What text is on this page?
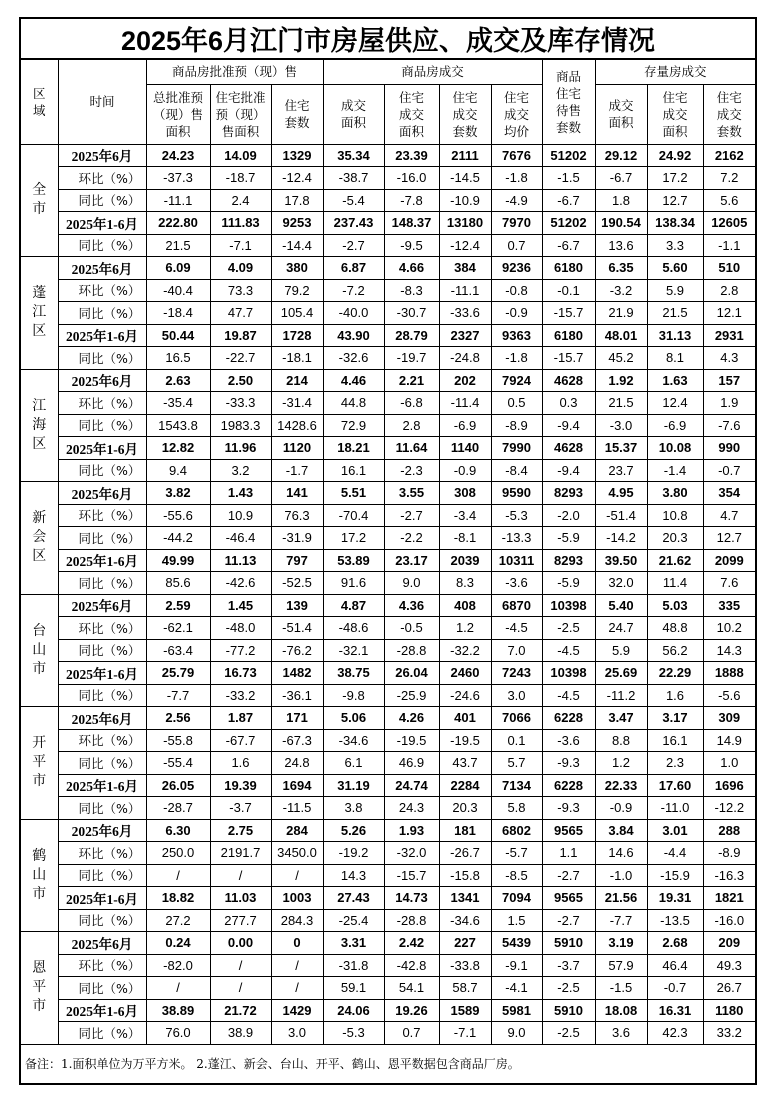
2025年6月江门市房屋供应、成交及库存情况												
区域	时间	商品房批准预（现）售			商品房成交				商品住宅待售套数	存量房成交		
		总批准预（现）售面积	住宅批准预（现）售面积	住宅套数	成交面积	住宅成交面积	住宅成交套数	住宅成交均价		成交面积	住宅成交面积	住宅成交套数
全市	2025年6月	24.23	14.09	1329	35.34	23.39	2111	7676	51202	29.12	24.92	2162
	环比（%）	-37.3	-18.7	-12.4	-38.7	-16.0	-14.5	-1.8	-1.5	-6.7	17.2	7.2
	同比（%）	-11.1	2.4	17.8	-5.4	-7.8	-10.9	-4.9	-6.7	1.8	12.7	5.6
	2025年1-6月	222.80	111.83	9253	237.43	148.37	13180	7970	51202	190.54	138.34	12605
	同比（%）	21.5	-7.1	-14.4	-2.7	-9.5	-12.4	0.7	-6.7	13.6	3.3	-1.1
蓬江区	2025年6月	6.09	4.09	380	6.87	4.66	384	9236	6180	6.35	5.60	510
	环比（%）	-40.4	73.3	79.2	-7.2	-8.3	-11.1	-0.8	-0.1	-3.2	5.9	2.8
	同比（%）	-18.4	47.7	105.4	-40.0	-30.7	-33.6	-0.9	-15.7	21.9	21.5	12.1
	2025年1-6月	50.44	19.87	1728	43.90	28.79	2327	9363	6180	48.01	31.13	2931
	同比（%）	16.5	-22.7	-18.1	-32.6	-19.7	-24.8	-1.8	-15.7	45.2	8.1	4.3
江海区	2025年6月	2.63	2.50	214	4.46	2.21	202	7924	4628	1.92	1.63	157
	环比（%）	-35.4	-33.3	-31.4	44.8	-6.8	-11.4	0.5	0.3	21.5	12.4	1.9
	同比（%）	1543.8	1983.3	1428.6	72.9	2.8	-6.9	-8.9	-9.4	-3.0	-6.9	-7.6
	2025年1-6月	12.82	11.96	1120	18.21	11.64	1140	7990	4628	15.37	10.08	990
	同比（%）	9.4	3.2	-1.7	16.1	-2.3	-0.9	-8.4	-9.4	23.7	-1.4	-0.7
新会区	2025年6月	3.82	1.43	141	5.51	3.55	308	9590	8293	4.95	3.80	354
	环比（%）	-55.6	10.9	76.3	-70.4	-2.7	-3.4	-5.3	-2.0	-51.4	10.8	4.7
	同比（%）	-44.2	-46.4	-31.9	17.2	-2.2	-8.1	-13.3	-5.9	-14.2	20.3	12.7
	2025年1-6月	49.99	11.13	797	53.89	23.17	2039	10311	8293	39.50	21.62	2099
	同比（%）	85.6	-42.6	-52.5	91.6	9.0	8.3	-3.6	-5.9	32.0	11.4	7.6
台山市	2025年6月	2.59	1.45	139	4.87	4.36	408	6870	10398	5.40	5.03	335
	环比（%）	-62.1	-48.0	-51.4	-48.6	-0.5	1.2	-4.5	-2.5	24.7	48.8	10.2
	同比（%）	-63.4	-77.2	-76.2	-32.1	-28.8	-32.2	7.0	-4.5	5.9	56.2	14.3
	2025年1-6月	25.79	16.73	1482	38.75	26.04	2460	7243	10398	25.69	22.29	1888
	同比（%）	-7.7	-33.2	-36.1	-9.8	-25.9	-24.6	3.0	-4.5	-11.2	1.6	-5.6
开平市	2025年6月	2.56	1.87	171	5.06	4.26	401	7066	6228	3.47	3.17	309
	环比（%）	-55.8	-67.7	-67.3	-34.6	-19.5	-19.5	0.1	-3.6	8.8	16.1	14.9
	同比（%）	-55.4	1.6	24.8	6.1	46.9	43.7	5.7	-9.3	1.2	2.3	1.0
	2025年1-6月	26.05	19.39	1694	31.19	24.74	2284	7134	6228	22.33	17.60	1696
	同比（%）	-28.7	-3.7	-11.5	3.8	24.3	20.3	5.8	-9.3	-0.9	-11.0	-12.2
鹤山市	2025年6月	6.30	2.75	284	5.26	1.93	181	6802	9565	3.84	3.01	288
	环比（%）	250.0	2191.7	3450.0	-19.2	-32.0	-26.7	-5.7	1.1	14.6	-4.4	-8.9
	同比（%）	/	/	/	14.3	-15.7	-15.8	-8.5	-2.7	-1.0	-15.9	-16.3
	2025年1-6月	18.82	11.03	1003	27.43	14.73	1341	7094	9565	21.56	19.31	1821
	同比（%）	27.2	277.7	284.3	-25.4	-28.8	-34.6	1.5	-2.7	-7.7	-13.5	-16.0
恩平市	2025年6月	0.24	0.00	0	3.31	2.42	227	5439	5910	3.19	2.68	209
	环比（%）	-82.0	/	/	-31.8	-42.8	-33.8	-9.1	-3.7	57.9	46.4	49.3
	同比（%）	/	/	/	59.1	54.1	58.7	-4.1	-2.5	-1.5	-0.7	26.7
	2025年1-6月	38.89	21.72	1429	24.06	19.26	1589	5981	5910	18.08	16.31	1180
	同比（%）	76.0	38.9	3.0	-5.3	0.7	-7.1	9.0	-2.5	3.6	42.3	33.2
备注：1.面积单位为万平方米。 2.蓬江、新会、台山、开平、鹤山、恩平数据包含商品厂房。												
